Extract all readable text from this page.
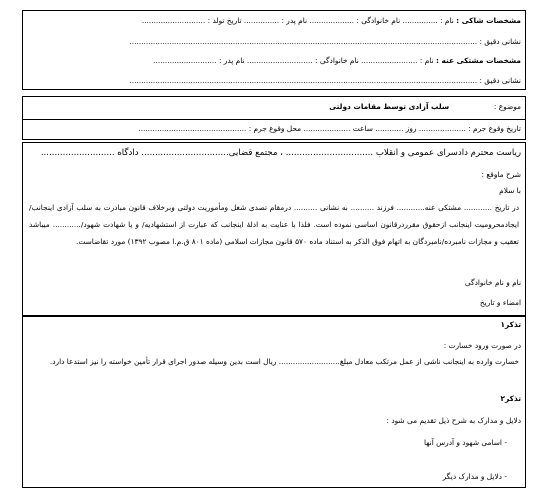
مشخصات شاکی : نام : ............... نام خانوادگی : ................... نام پدر : ............... تاریخ تولد : ...........................
نشانی دقیق : ....................................................................................................................................................
مشخصات مشتکی عنه : نام : ........................ نام خانوادگی : ............................ نام پدر : ...........................
نشانی دقیق : ....................................................................................................................................................
موضوع :  سلب آزادی توسط مقامات دولتی
تاریخ وقوع جرم : .................... روز ............ ساعت .................... محل وقوع جرم : ..............................................
ریاست محترم دادسرای عمومی و انقلاب ................................ ، مجتمع قضایی................................ دادگاه ...........................
شرح ماوقع :
با سلام
در تاریخ ............ مشتکی عنه............ فرزند .......... به نشانی .......... درمقام تصدی شغل ومأموریت دولتی وبرخلاف قانون مبادرت به سلب آزادی اینجانب/ایجادمحرومیت اینجانب ازحقوق مقرردرقانون اساسی نموده است. فلذا با عنایت به ادلهٔ اینجانب که عبارت از استشهادیه/ و یا شهادت شهود/............ میباشد تعقیب و مجازات نامبرده/نامبردگان به اتهام فوق الذکر به استناد ماده ۵۷۰ قانون مجازات اسلامی (ماده ۸۰۱ ق.م.ا مصوب ۱۳۹۲) مورد تقاضاست.
نام و نام خانوادگی
امضاء و تاریخ
تذکر۱
در صورت ورود خسارت :
خسارت وارده به اینجانب ناشی از عمل مرتکب معادل مبلغ.......................... ریال است بدین وسیله صدور اجرای قرار تأمین خواسته را نیز استدعا دارد.
تذکر۲
دلایل و مدارک به شرح ذیل تقدیم می شود :
- اسامی شهود و آدرس آنها
- دلایل و مدارک دیگر
